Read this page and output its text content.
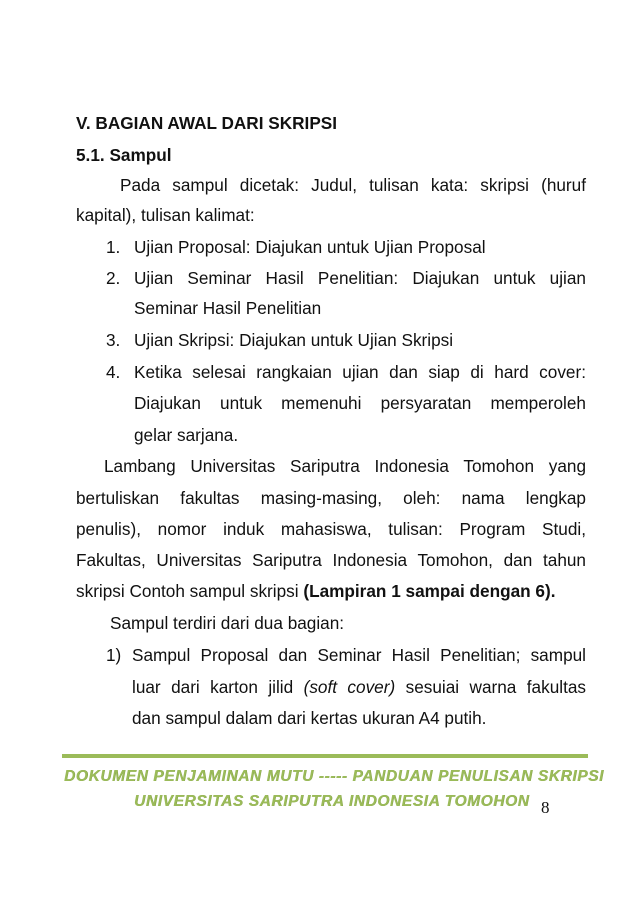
V. BAGIAN AWAL DARI SKRIPSI
5.1. Sampul
Pada sampul dicetak: Judul, tulisan kata: skripsi (huruf
kapital), tulisan kalimat:
1. Ujian Proposal: Diajukan untuk Ujian Proposal
2. Ujian Seminar Hasil Penelitian: Diajukan untuk ujian
Seminar Hasil Penelitian
3. Ujian Skripsi: Diajukan untuk Ujian Skripsi
4. Ketika selesai rangkaian ujian dan siap di hard cover:
Diajukan untuk memenuhi persyaratan memperoleh
gelar sarjana.
Lambang Universitas Sariputra Indonesia Tomohon yang
bertuliskan fakultas masing-masing, oleh: nama lengkap
penulis), nomor induk mahasiswa, tulisan: Program Studi,
Fakultas, Universitas Sariputra Indonesia Tomohon, dan tahun
skripsi Contoh sampul skripsi (Lampiran 1 sampai dengan 6).
Sampul terdiri dari dua bagian:
1) Sampul Proposal dan Seminar Hasil Penelitian; sampul
luar dari karton jilid (soft cover) sesuiai warna fakultas
dan sampul dalam dari kertas ukuran A4 putih.
DOKUMEN PENJAMINAN MUTU ----- PANDUAN PENULISAN SKRIPSI
UNIVERSITAS SARIPUTRA INDONESIA TOMOHON 8
